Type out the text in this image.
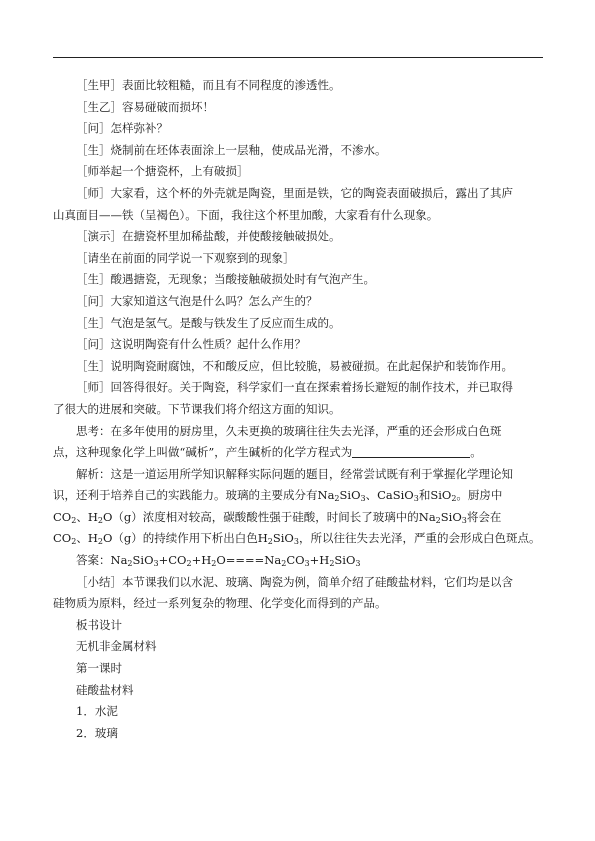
［生甲］表面比较粗糙，而且有不同程度的渗透性。
［生乙］容易碰破而损坏！
［问］怎样弥补？
［生］烧制前在坯体表面涂上一层釉，使成品光滑，不渗水。
［师举起一个搪瓷杯，上有破损］
［师］大家看，这个杯的外壳就是陶瓷，里面是铁，它的陶瓷表面破损后，露出了其庐
山真面目——铁（呈褐色）。下面，我往这个杯里加酸，大家看有什么现象。
［演示］在搪瓷杯里加稀盐酸，并使酸接触破损处。
［请坐在前面的同学说一下观察到的现象］
［生］酸遇搪瓷，无现象；当酸接触破损处时有气泡产生。
［问］大家知道这气泡是什么吗？怎么产生的？
［生］气泡是氢气。是酸与铁发生了反应而生成的。
［问］这说明陶瓷有什么性质？起什么作用？
［生］说明陶瓷耐腐蚀，不和酸反应，但比较脆，易被碰损。在此起保护和装饰作用。
［师］回答得很好。关于陶瓷，科学家们一直在探索着扬长避短的制作技术，并已取得
了很大的进展和突破。下节课我们将介绍这方面的知识。
思考：在多年使用的厨房里，久未更换的玻璃往往失去光泽，严重的还会形成白色斑
点，这种现象化学上叫做“碱析”，产生碱析的化学方程式为	。
解析：这是一道运用所学知识解释实际问题的题目，经常尝试既有利于掌握化学理论知
识，还利于培养自己的实践能力。玻璃的主要成分有$Na_2SiO_3$、CaSiO$_3$和SiO$_2$。厨房中
$CO_2$、$H_2O(g)$浓度相对较高，碳酸酸性强于硅酸，时间长了玻璃中的$Na_2SiO_3$将会在
$CO_2$、$H_2O(g)$的持续作用下析出白色$H_2SiO_3$，所以往往失去光泽，严重的会形成白色斑点。
答案：$Na_2SiO_3+CO_2+H_2O====Na_2CO_3+H_2SiO_3$
［小结］本节课我们以水泥、玻璃、陶瓷为例，简单介绍了硅酸盐材料，它们均是以含
硅物质为原料，经过一系列复杂的物理、化学变化而得到的产品。
板书设计
无机非金属材料
第一课时
硅酸盐材料
1．水泥
2．玻璃
